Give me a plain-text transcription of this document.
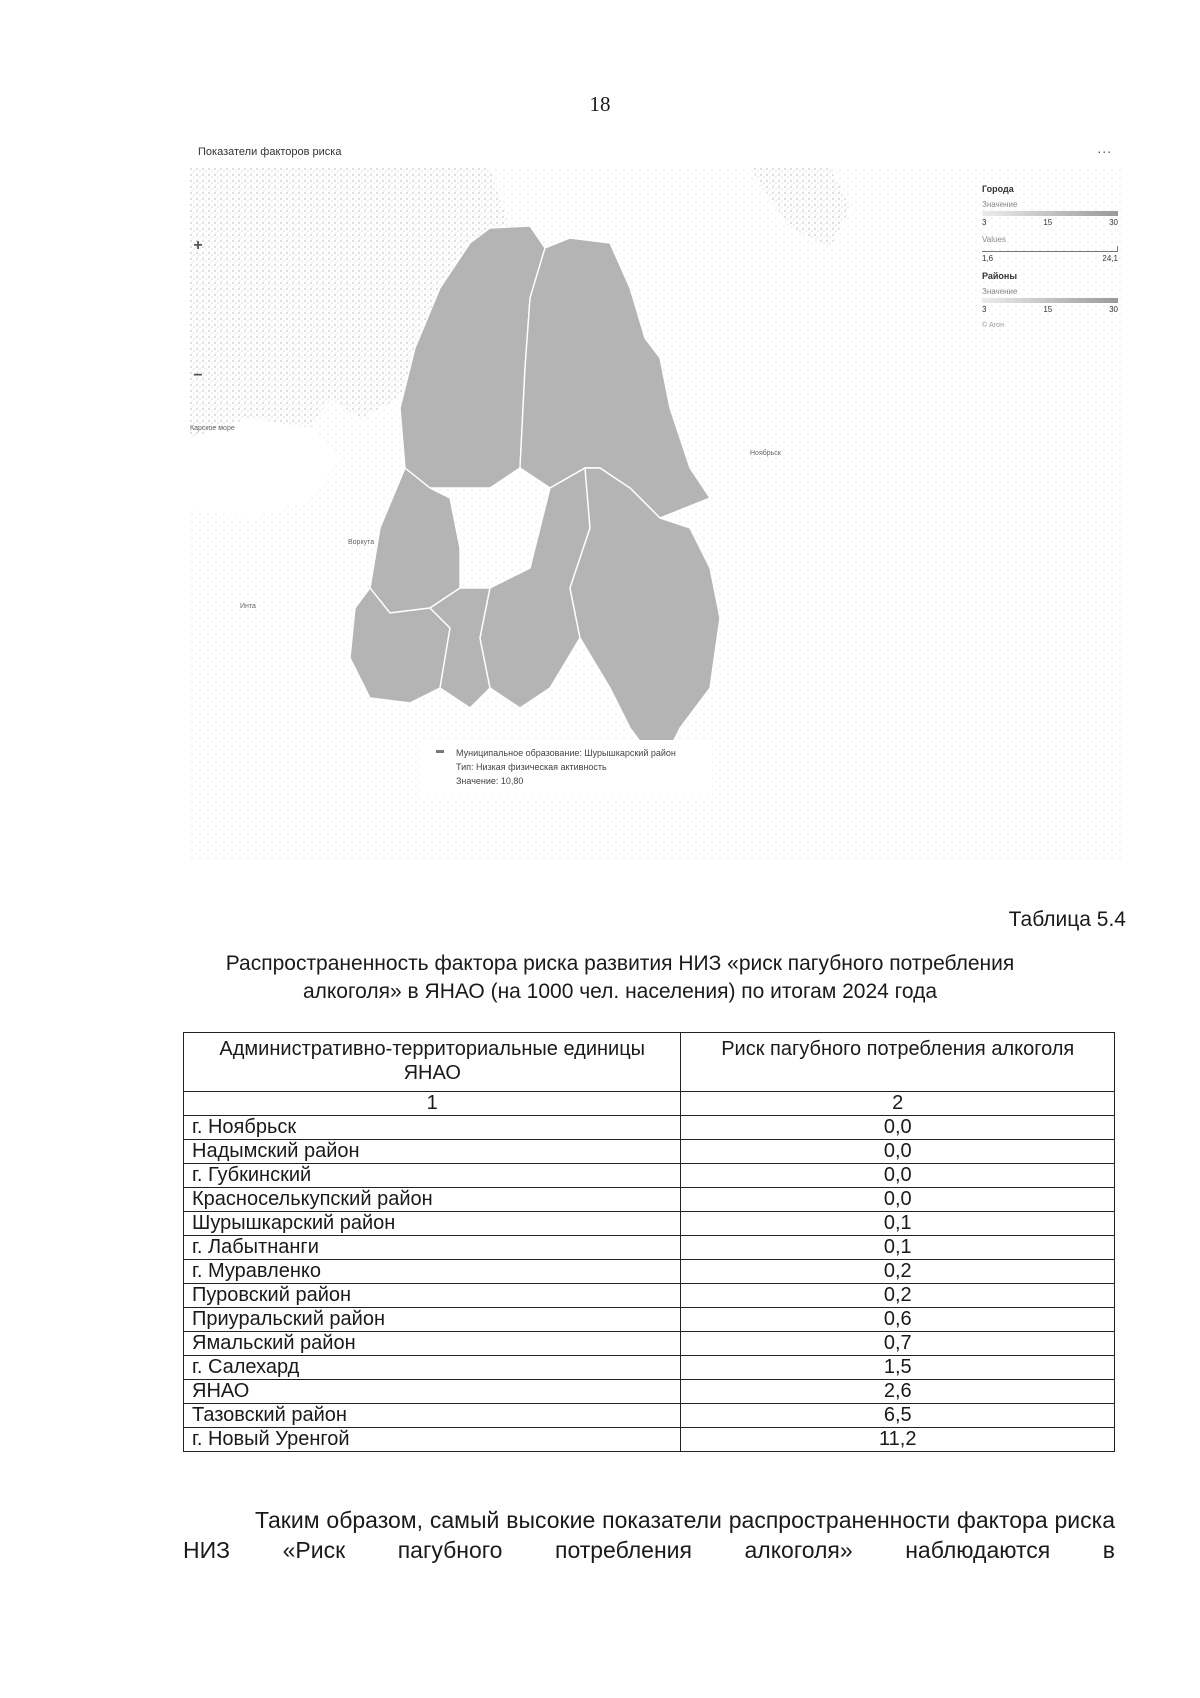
18
Показатели факторов риска	...
Ноябрьск
Воркута
Инта
Карское море
+
−
Города
Значение
3	15	30
Values
1,6	24,1
Районы
Значение
3	15	30
© Агон
Муниципальное образование: Шурышкарский район
Тип: Низкая физическая активность
Значение: 10,80
Таблица 5.4
Распространенность фактора риска развития НИЗ «риск пагубного потребления алкоголя» в ЯНАО (на 1000 чел. населения) по итогам 2024 года
Административно-территориальные единицы ЯНАО	Риск пагубного потребления алкоголя
1	2
г. Ноябрьск	0,0
Надымский район	0,0
г. Губкинский	0,0
Красноселькупский район	0,0
Шурышкарский район	0,1
г. Лабытнанги	0,1
г. Муравленко	0,2
Пуровский район	0,2
Приуральский район	0,6
Ямальский район	0,7
г. Салехард	1,5
ЯНАО	2,6
Тазовский район	6,5
г. Новый Уренгой	11,2
Таким образом, самый высокие показатели распространенности фактора риска НИЗ «Риск пагубного потребления алкоголя» наблюдаются в
